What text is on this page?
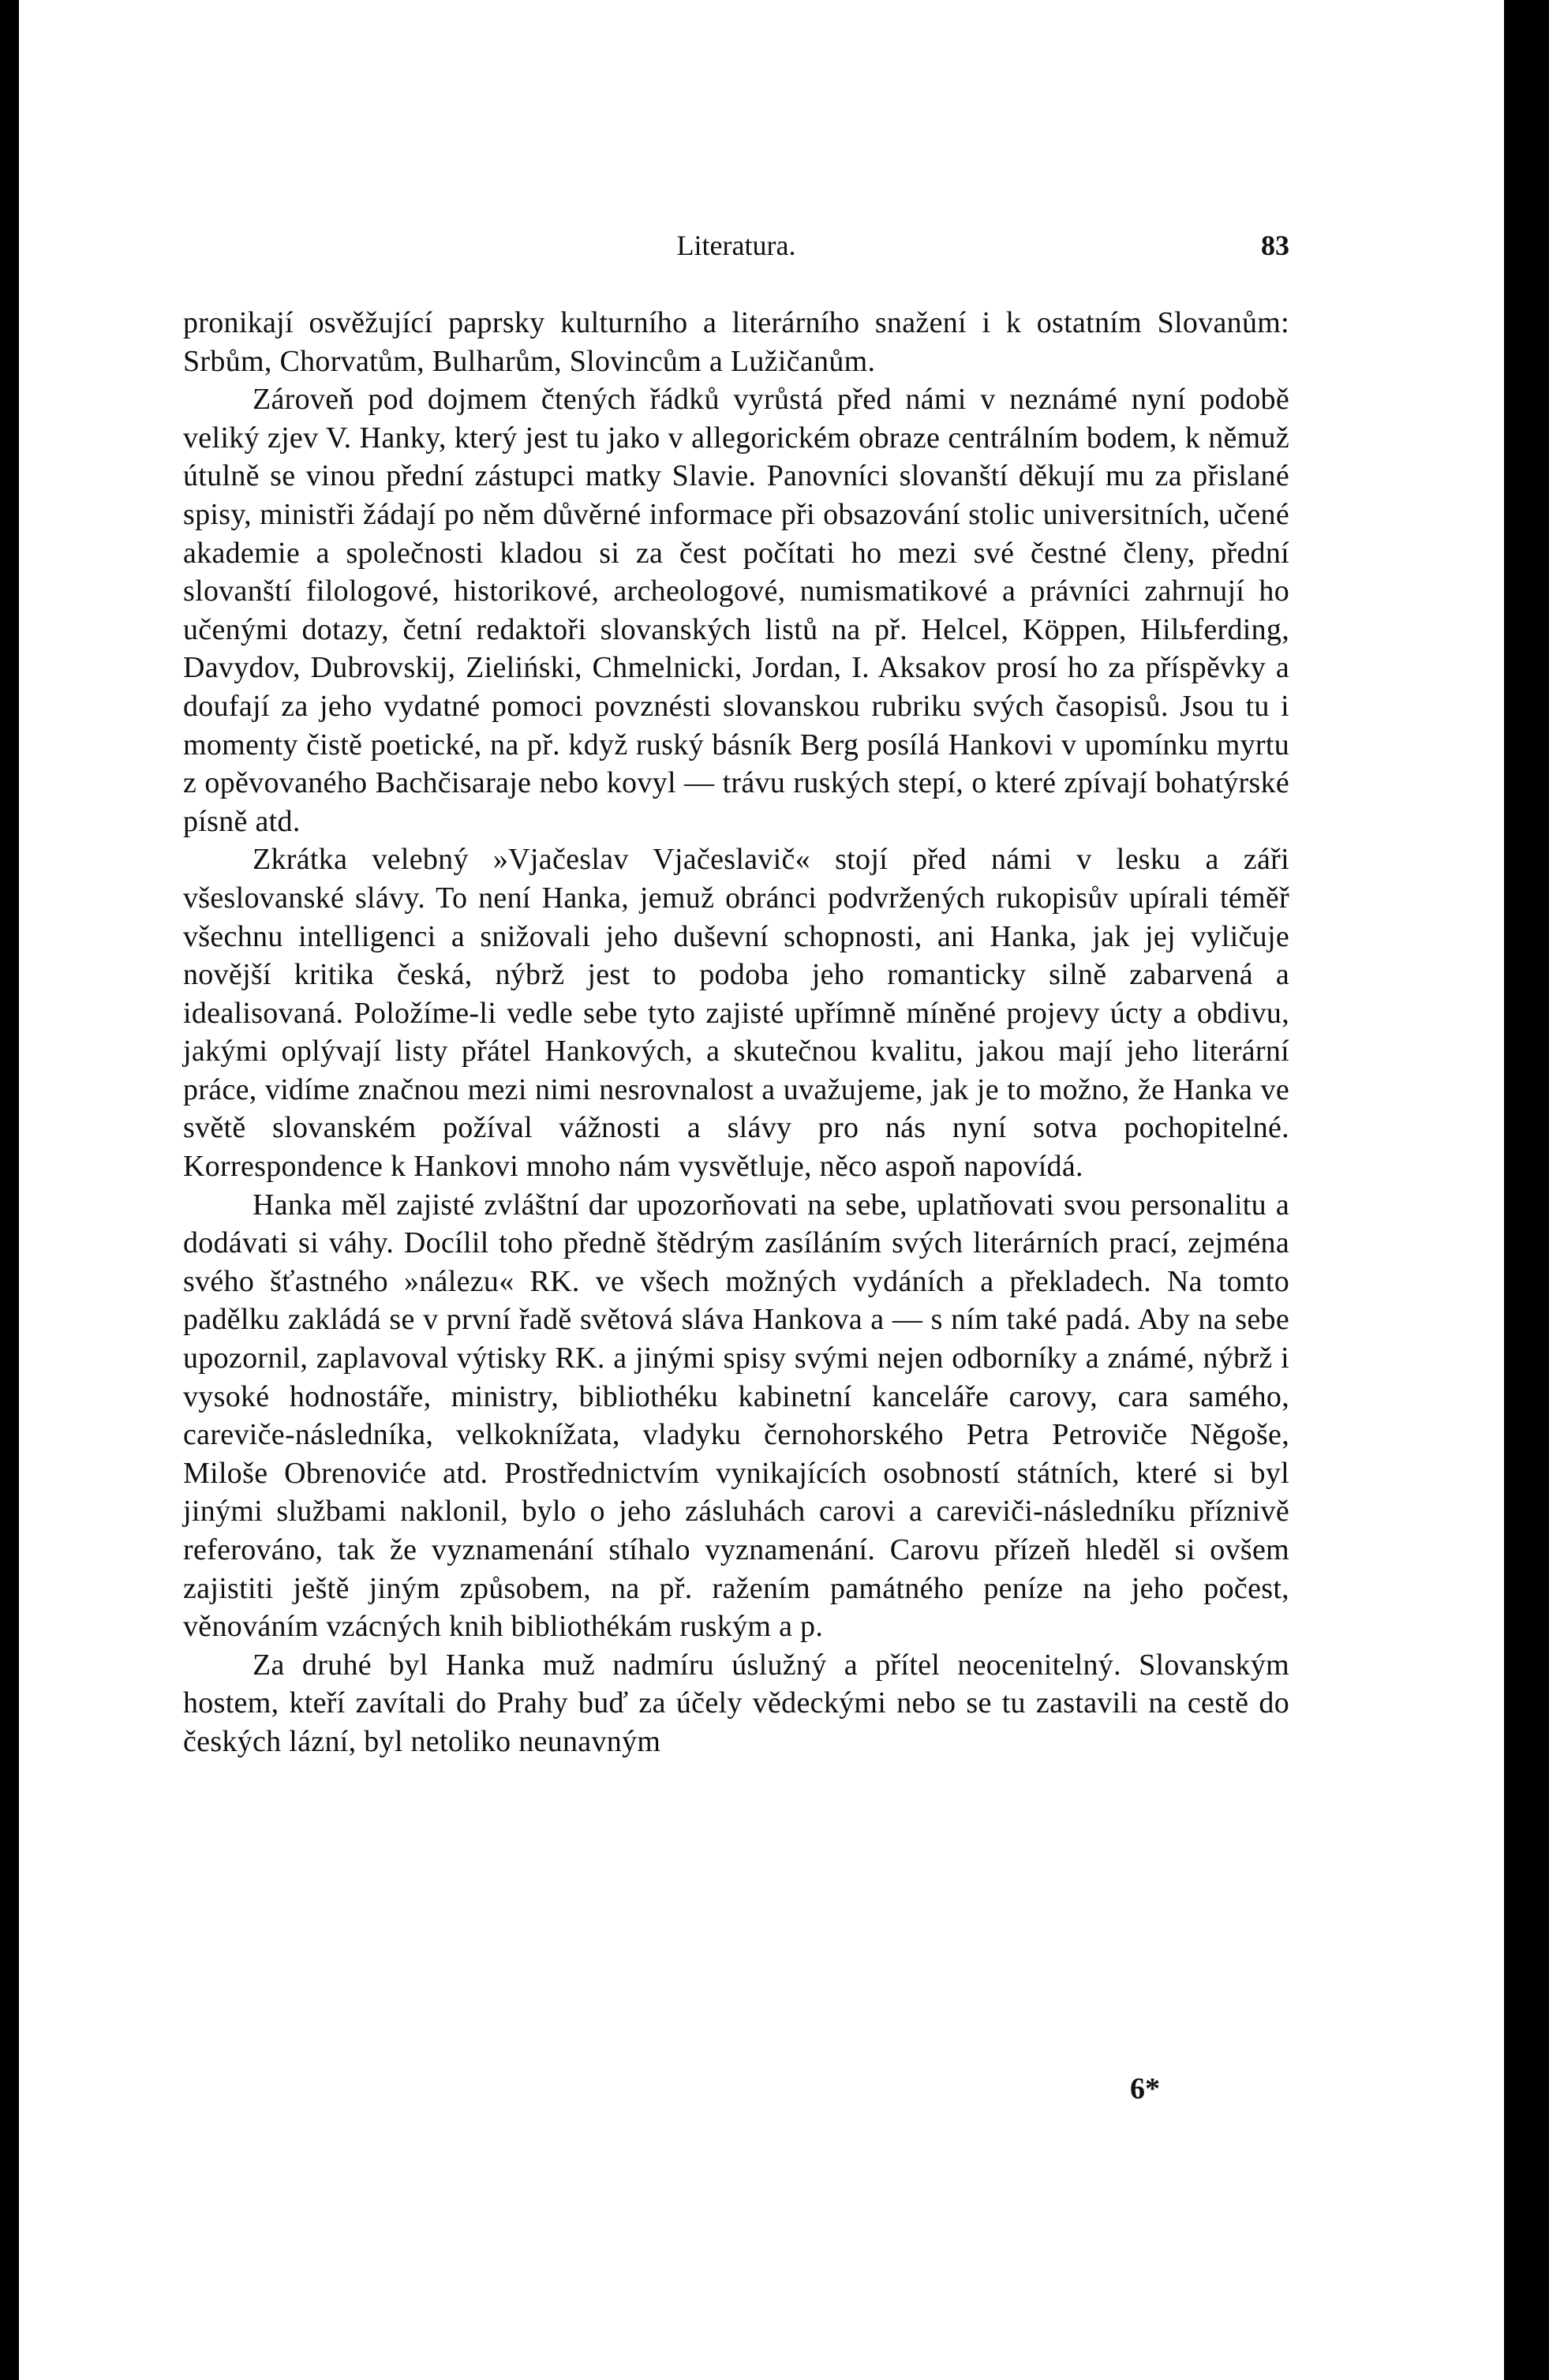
Literatura.	83

pronikají osvěžující paprsky kulturního a literárního snažení i k ostatním Slovanům: Srbům, Chorvatům, Bulharům, Slovincům a Lužičanům.

Zároveň pod dojmem čtených řádků vyrůstá před námi v neznámé nyní podobě veliký zjev V. Hanky, který jest tu jako v allegorickém obraze centrálním bodem, k němuž útulně se vinou přední zástupci matky Slavie. Panovníci slovanští děkují mu za přislané spisy, ministři žádají po něm důvěrné informace při obsazování stolic universitních, učené akademie a společnosti kladou si za čest počítati ho mezi své čestné členy, přední slovanští filologové, historikové, archeologové, numismatikové a právníci zahrnují ho učenými dotazy, četní redaktoři slovanských listů na př. Helcel, Köppen, Hilьferding, Davydov, Dubrovskij, Zieliński, Chmelnicki, Jordan, I. Aksakov prosí ho za příspěvky a doufají za jeho vydatné pomoci povznésti slovanskou rubriku svých časopisů. Jsou tu i momenty čistě poetické, na př. když ruský básník Berg posílá Hankovi v upomínku myrtu z opěvovaného Bachčisaraje nebo kovyl — trávu ruských stepí, o které zpívají bohatýrské písně atd.

Zkrátka velebný »Vjačeslav Vjačeslavič« stojí před námi v lesku a záři všeslovanské slávy. To není Hanka, jemuž obránci podvržených rukopisův upírali téměř všechnu intelligenci a snižovali jeho duševní schopnosti, ani Hanka, jak jej vyličuje novější kritika česká, nýbrž jest to podoba jeho romanticky silně zabarvená a idealisovaná. Položíme-li vedle sebe tyto zajisté upřímně míněné projevy úcty a obdivu, jakými oplývají listy přátel Hankových, a skutečnou kvalitu, jakou mají jeho literární práce, vidíme značnou mezi nimi nesrovnalost a uvažujeme, jak je to možno, že Hanka ve světě slovanském požíval vážnosti a slávy pro nás nyní sotva pochopitelné. Korrespondence k Hankovi mnoho nám vysvětluje, něco aspoň napovídá.

Hanka měl zajisté zvláštní dar upozorňovati na sebe, uplatňovati svou personalitu a dodávati si váhy. Docílil toho předně štědrým zasíláním svých literárních prací, zejména svého šťastného »nálezu« RK. ve všech možných vydáních a překladech. Na tomto padělku zakládá se v první řadě světová sláva Hankova a — s ním také padá. Aby na sebe upozornil, zaplavoval výtisky RK. a jinými spisy svými nejen odborníky a známé, nýbrž i vysoké hodnostáře, ministry, bibliothéku kabinetní kanceláře carovy, cara samého, careviče-následníka, velkoknížata, vladyku černohorského Petra Petroviče Něgoše, Miloše Obrenoviće atd. Prostřednictvím vynikajících osobností státních, které si byl jinými službami naklonil, bylo o jeho zásluhách carovi a careviči-následníku příznivě referováno, tak že vyznamenání stíhalo vyznamenání. Carovu přízeň hleděl si ovšem zajistiti ještě jiným způsobem, na př. ražením památného peníze na jeho počest, věnováním vzácných knih bibliothékám ruským a p.

Za druhé byl Hanka muž nadmíru úslužný a přítel neocenitelný. Slovanským hostem, kteří zavítali do Prahy buď za účely vědeckými nebo se tu zastavili na cestě do českých lázní, byl netoliko neunavným

6*
